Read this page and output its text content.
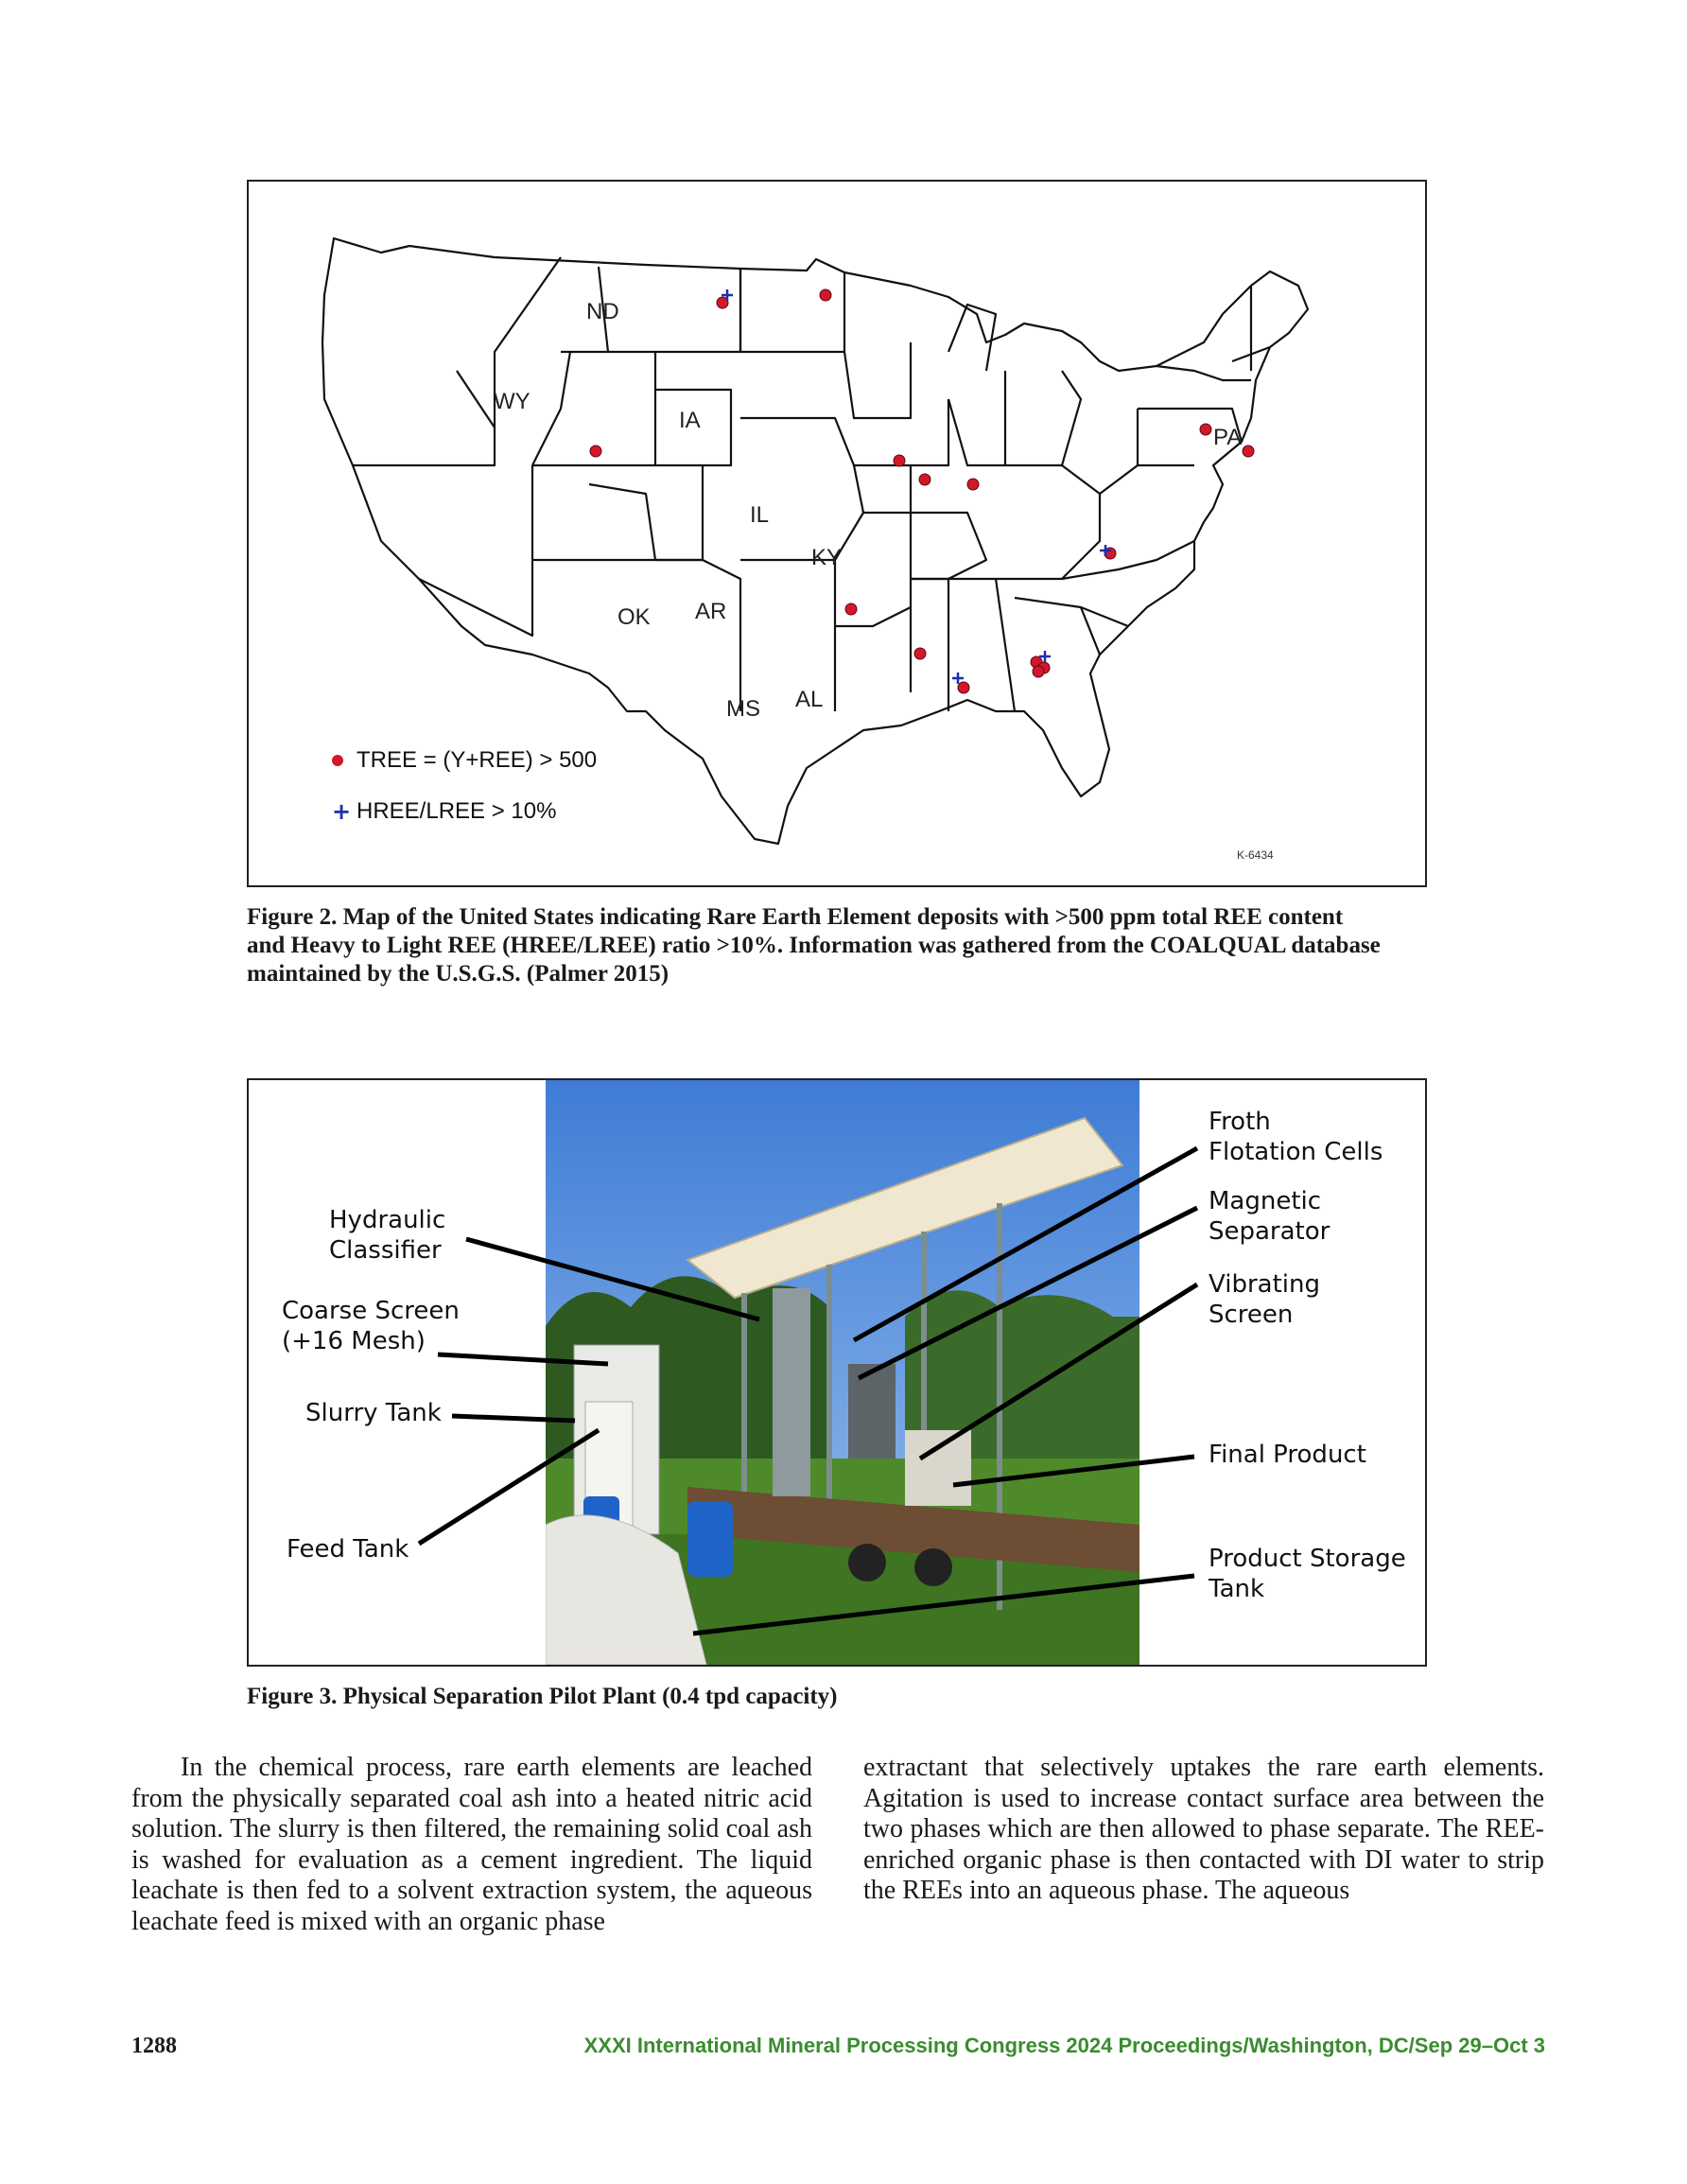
ND
WY
IA
PA
IL
KY
OK AR
MS AL
TREE = (Y+REE) > 500
+ HREE/LREE > 10%
K-6434
Figure 2. Map of the United States indicating Rare Earth Element deposits with >500 ppm total REE content and Heavy to Light REE (HREE/LREE) ratio >10%. Information was gathered from the COALQUAL database maintained by the U.S.G.S. (Palmer 2015)
Hydraulic
Classifier
Coarse Screen
(+16 Mesh)
Slurry Tank
Feed Tank
Froth
Flotation Cells
Magnetic
Separator
Vibrating
Screen
Final Product
Product Storage
Tank
Figure 3. Physical Separation Pilot Plant (0.4 tpd capacity)
In the chemical process, rare earth elements are leached from the physically separated coal ash into a heated nitric acid solution. The slurry is then filtered, the remaining solid coal ash is washed for evaluation as a cement ingredient. The liquid leachate is then fed to a solvent extraction system, the aqueous leachate feed is mixed with an organic phase
extractant that selectively uptakes the rare earth elements. Agitation is used to increase contact surface area between the two phases which are then allowed to phase separate. The REE-enriched organic phase is then contacted with DI water to strip the REEs into an aqueous phase. The aqueous
1288	XXXI International Mineral Processing Congress 2024 Proceedings/Washington, DC/Sep 29–Oct 3
